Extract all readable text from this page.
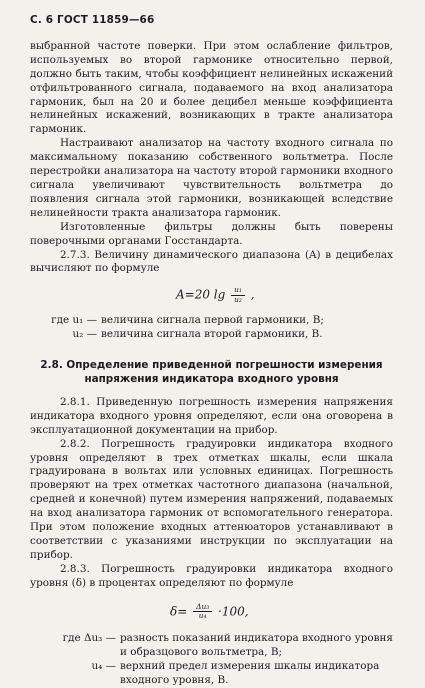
С. 6 ГОСТ 11859—66

выбранной частоте поверки. При этом ослабление фильтров, используемых во второй гармонике относительно первой, должно быть таким, чтобы коэффициент нелинейных искажений отфильтрованного сигнала, подаваемого на вход анализатора гармоник, был на 20 и более децибел меньше коэффициента нелинейных искажений, возникающих в тракте анализатора гармоник.

Настраивают анализатор на частоту входного сигнала по максимальному показанию собственного вольтметра. После перестройки анализатора на частоту второй гармоники входного сигнала увеличивают чувствительность вольтметра до появления сигнала этой гармоники, возникающей вследствие нелинейности тракта анализатора гармоник.

Изготовленные фильтры должны быть поверены поверочными органами Госстандарта.

2.7.3. Величину динамического диапазона (A) в децибелах вычисляют по формуле

A=20 $\lg \frac{\text{u₁}}{\text{u₂}}$ ,
где u₁ — величина сигнала первой гармоники, В;
u₂ — величина сигнала второй гармоники, В.
2.8. Определение приведенной погрешности измерения напряжения индикатора входного уровня

2.8.1. Приведенную погрешность измерения напряжения индикатора входного уровня определяют, если она оговорена в эксплуатационной документации на прибор.

2.8.2. Погрешность градуировки индикатора входного уровня определяют в трех отметках шкалы, если шкала градуирована в вольтах или условных единицах. Погрешность проверяют на трех отметках частотного диапазона (начальной, средней и конечной) путем измерения напряжений, подаваемых на вход анализатора гармоник от вспомогательного генератора. При этом положение входных аттенюаторов устанавливают в соответствии с указаниями инструкции по эксплуатации на прибор.

2.8.3. Погрешность градуировки индикатора входного уровня (δ) в процентах определяют по формуле

$\delta= \frac{\text{Δu₃}}{\text{u₄}} \cdot 100$,
где Δu₃ — разность показаний индикатора входного уровня и образцового вольтметра, В;
u₄ — верхний предел измерения шкалы индикатора входного уровня, В.
